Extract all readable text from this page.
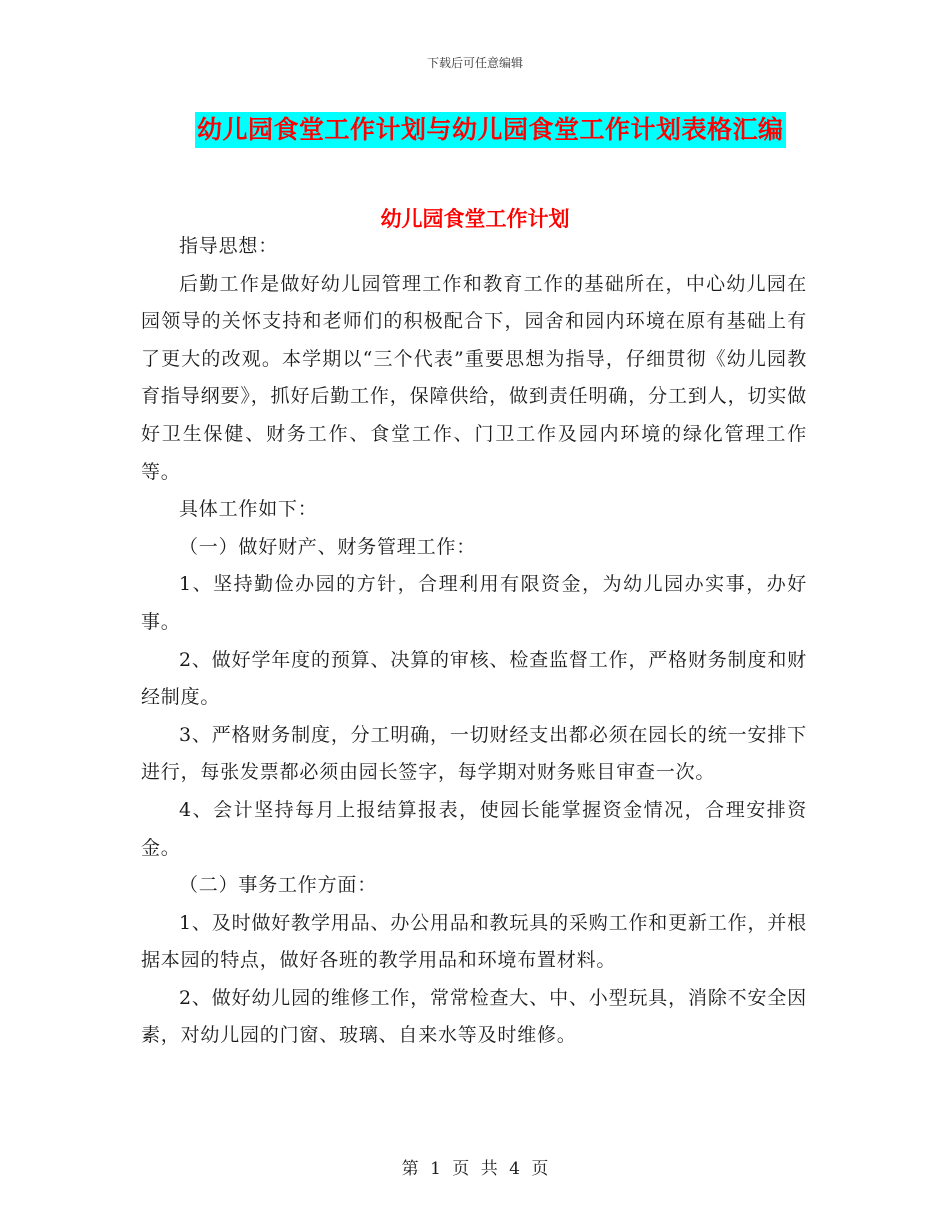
下载后可任意编辑
幼儿园食堂工作计划与幼儿园食堂工作计划表格汇编
幼儿园食堂工作计划

指导思想：

后勤工作是做好幼儿园管理工作和教育工作的基础所在，中心幼儿园在园领导的关怀支持和老师们的积极配合下，园舍和园内环境在原有基础上有了更大的改观。本学期以“三个代表”重要思想为指导，仔细贯彻《幼儿园教育指导纲要》，抓好后勤工作，保障供给，做到责任明确，分工到人，切实做好卫生保健、财务工作、食堂工作、门卫工作及园内环境的绿化管理工作等。

具体工作如下：

（一）做好财产、财务管理工作：

1、坚持勤俭办园的方针，合理利用有限资金，为幼儿园办实事，办好事。

2、做好学年度的预算、决算的审核、检查监督工作，严格财务制度和财经制度。

3、严格财务制度，分工明确，一切财经支出都必须在园长的统一安排下进行，每张发票都必须由园长签字，每学期对财务账目审查一次。

4、会计坚持每月上报结算报表，使园长能掌握资金情况，合理安排资金。

（二）事务工作方面：

1、及时做好教学用品、办公用品和教玩具的采购工作和更新工作，并根据本园的特点，做好各班的教学用品和环境布置材料。

2、做好幼儿园的维修工作，常常检查大、中、小型玩具，消除不安全因素，对幼儿园的门窗、玻璃、自来水等及时维修。

第 1 页 共 4 页
